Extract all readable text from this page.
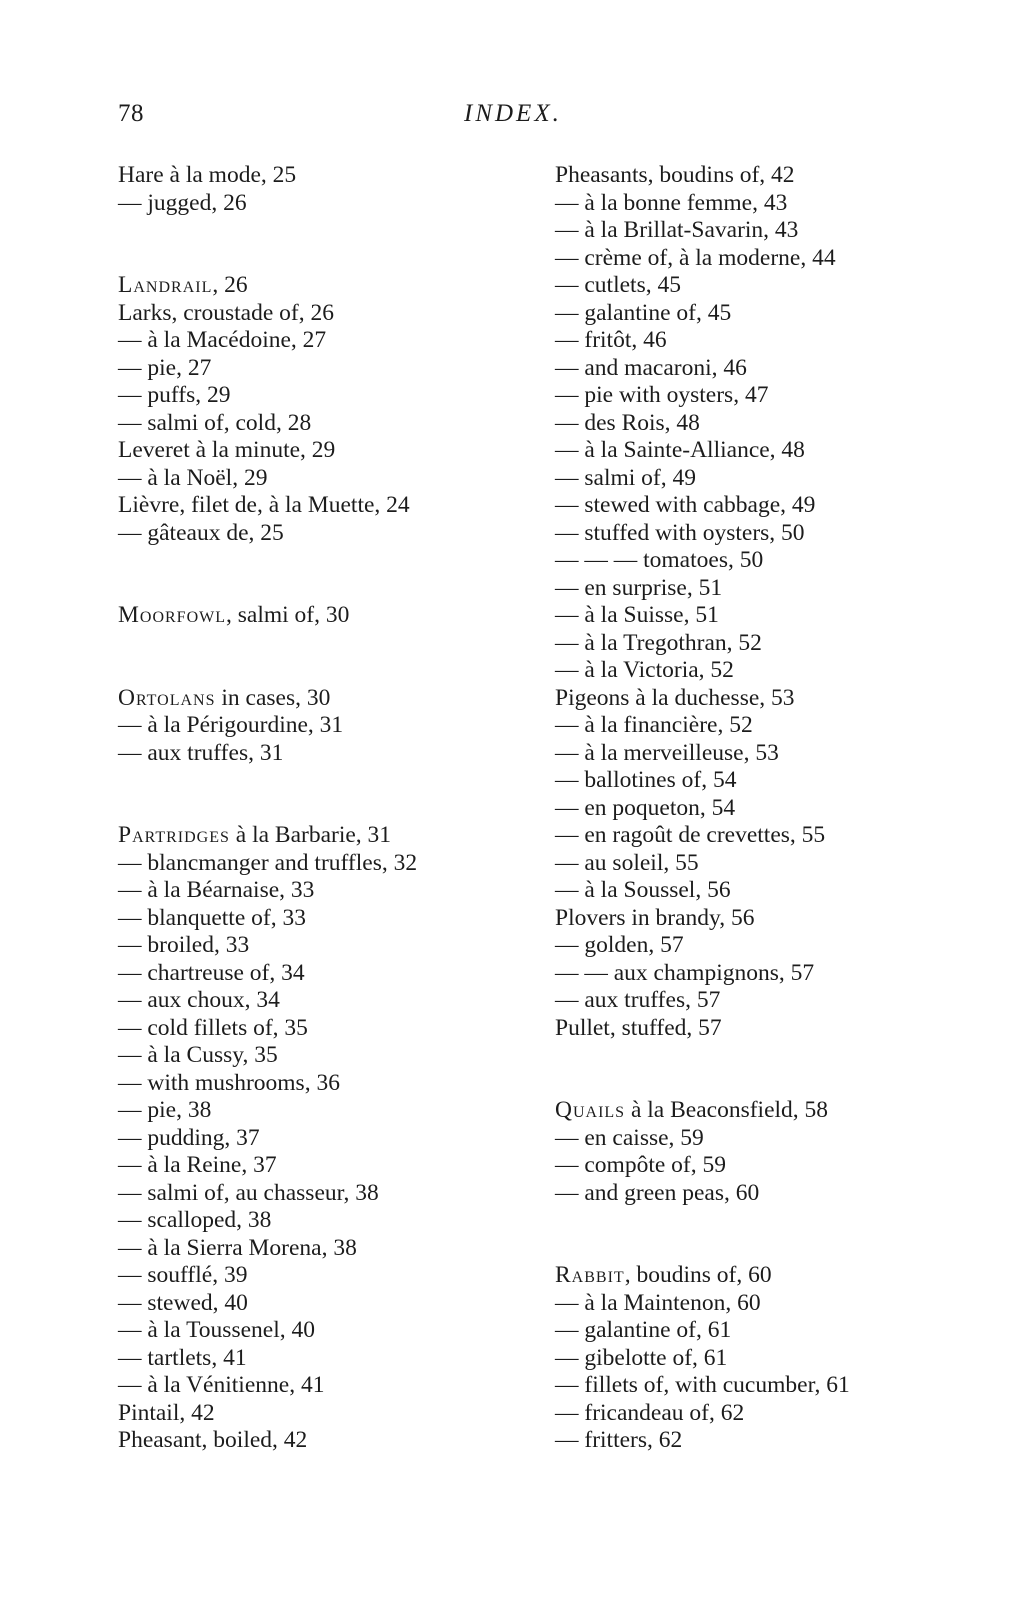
78	INDEX.
Hare à la mode, 25
— jugged, 26
Landrail, 26
Larks, croustade of, 26
— à la Macédoine, 27
— pie, 27
— puffs, 29
— salmi of, cold, 28
Leveret à la minute, 29
— à la Noël, 29
Lièvre, filet de, à la Muette, 24
— gâteaux de, 25
Moorfowl, salmi of, 30
Ortolans in cases, 30
— à la Périgourdine, 31
— aux truffes, 31
Partridges à la Barbarie, 31
— blancmanger and truffles, 32
— à la Béarnaise, 33
— blanquette of, 33
— broiled, 33
— chartreuse of, 34
— aux choux, 34
— cold fillets of, 35
— à la Cussy, 35
— with mushrooms, 36
— pie, 38
— pudding, 37
— à la Reine, 37
— salmi of, au chasseur, 38
— scalloped, 38
— à la Sierra Morena, 38
— soufflé, 39
— stewed, 40
— à la Toussenel, 40
— tartlets, 41
— à la Vénitienne, 41
Pintail, 42
Pheasant, boiled, 42
Pheasants, boudins of, 42
— à la bonne femme, 43
— à la Brillat-Savarin, 43
— crème of, à la moderne, 44
— cutlets, 45
— galantine of, 45
— fritôt, 46
— and macaroni, 46
— pie with oysters, 47
— des Rois, 48
— à la Sainte-Alliance, 48
— salmi of, 49
— stewed with cabbage, 49
— stuffed with oysters, 50
— — — tomatoes, 50
— en surprise, 51
— à la Suisse, 51
— à la Tregothran, 52
— à la Victoria, 52
Pigeons à la duchesse, 53
— à la financière, 52
— à la merveilleuse, 53
— ballotines of, 54
— en poqueton, 54
— en ragoût de crevettes, 55
— au soleil, 55
— à la Soussel, 56
Plovers in brandy, 56
— golden, 57
— — aux champignons, 57
— aux truffes, 57
Pullet, stuffed, 57
Quails à la Beaconsfield, 58
— en caisse, 59
— compôte of, 59
— and green peas, 60
Rabbit, boudins of, 60
— à la Maintenon, 60
— galantine of, 61
— gibelotte of, 61
— fillets of, with cucumber, 61
— fricandeau of, 62
— fritters, 62
